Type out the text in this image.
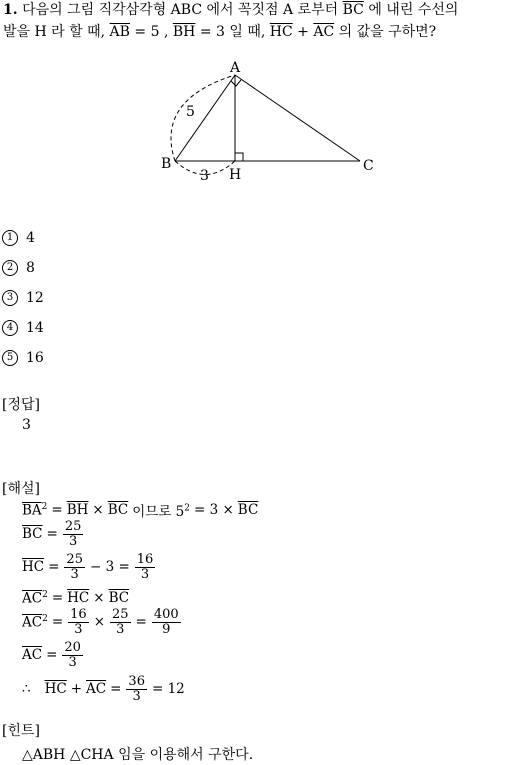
1. 다음의 그림 직각삼각형 ABC 에서 꼭짓점 A 로부터 $\overline{BC}$ 에 내린 수선의
발을 H 라 할 때, $\overline{AB} = 5$ , $\overline{BH} = 3$ 일 때, $\overline{HC} + \overline{AC}$ 의 값을 구하면?
A
B	C
H
5
3
1 4
2 8
3 12
4 14
5 16
[정답]
3
[해설]
$\overline{BA}^2 = \overline{BH} \times \overline{BC}$ 이므로 $5^2 = 3 \times \overline{BC}$
$\overline{BC} = \frac{25}{3}$
$\overline{HC} = \frac{25}{3} - 3 = \frac{16}{3}$
$\overline{AC}^2 = \overline{HC} \times \overline{BC}$
$\overline{AC}^2 = \frac{16}{3} \times \frac{25}{3} = \frac{400}{9}$
$\overline{AC} = \frac{20}{3}$
∴ $\overline{HC} + \overline{AC} = \frac{36}{3} = 12$
[힌트]
△ABH △CHA 임을 이용해서 구한다.
